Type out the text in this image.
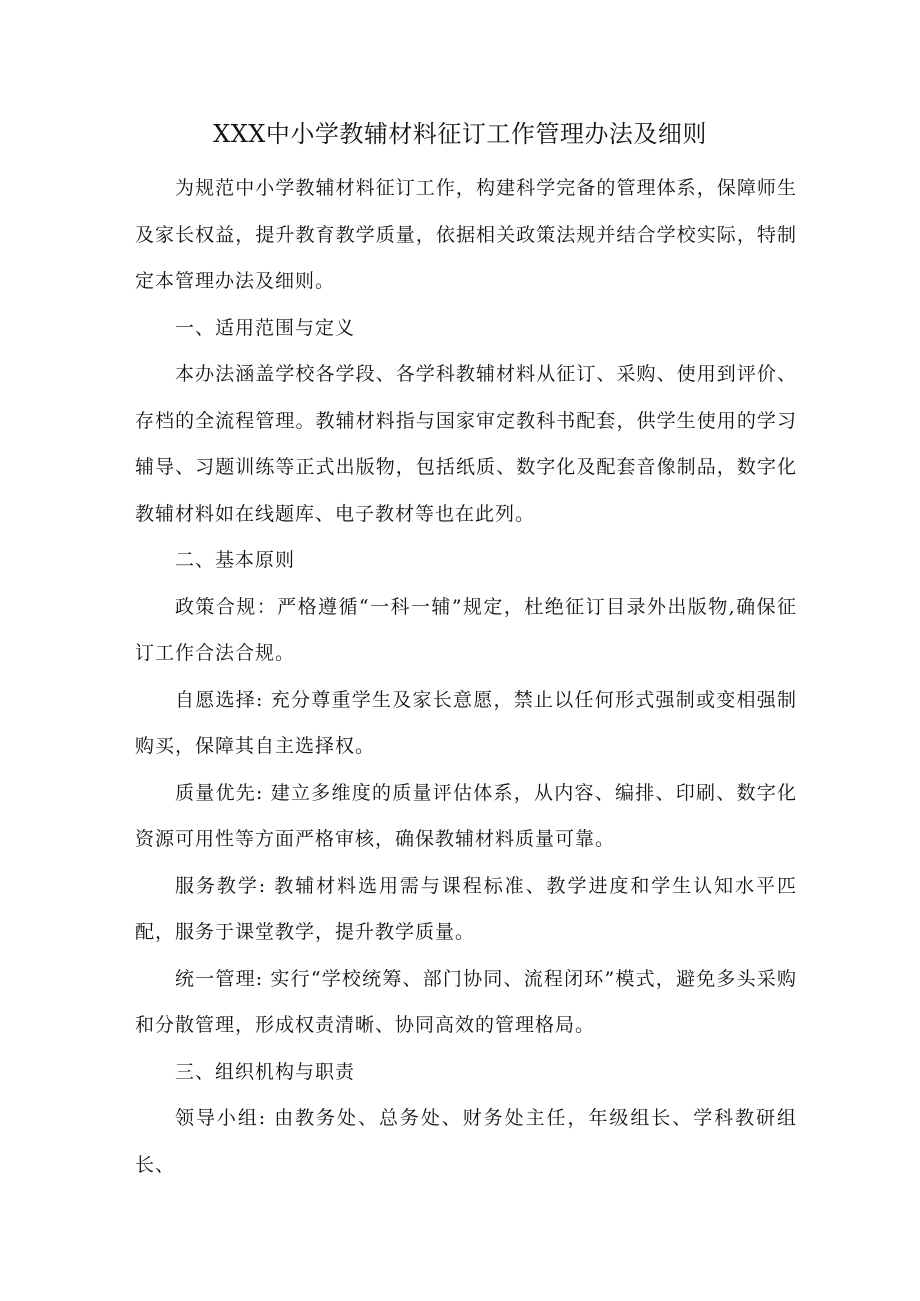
XXX中小学教辅材料征订工作管理办法及细则

为规范中小学教辅材料征订工作，构建科学完备的管理体系，保障师生及家长权益，提升教育教学质量，依据相关政策法规并结合学校实际，特制定本管理办法及细则。

一、适用范围与定义

本办法涵盖学校各学段、各学科教辅材料从征订、采购、使用到评价、存档的全流程管理。教辅材料指与国家审定教科书配套，供学生使用的学习辅导、习题训练等正式出版物，包括纸质、数字化及配套音像制品，数字化教辅材料如在线题库、电子教材等也在此列。

二、基本原则

政策合规：严格遵循“一科一辅”规定，杜绝征订目录外出版物,确保征订工作合法合规。

自愿选择: 充分尊重学生及家长意愿，禁止以任何形式强制或变相强制购买，保障其自主选择权。

质量优先: 建立多维度的质量评估体系，从内容、编排、印刷、数字化资源可用性等方面严格审核，确保教辅材料质量可靠。

服务教学: 教辅材料选用需与课程标准、教学进度和学生认知水平匹配，服务于课堂教学，提升教学质量。

统一管理: 实行“学校统筹、部门协同、流程闭环”模式，避免多头采购和分散管理，形成权责清晰、协同高效的管理格局。

三、组织机构与职责

领导小组: 由教务处、总务处、财务处主任，年级组长、学科教研组长、
